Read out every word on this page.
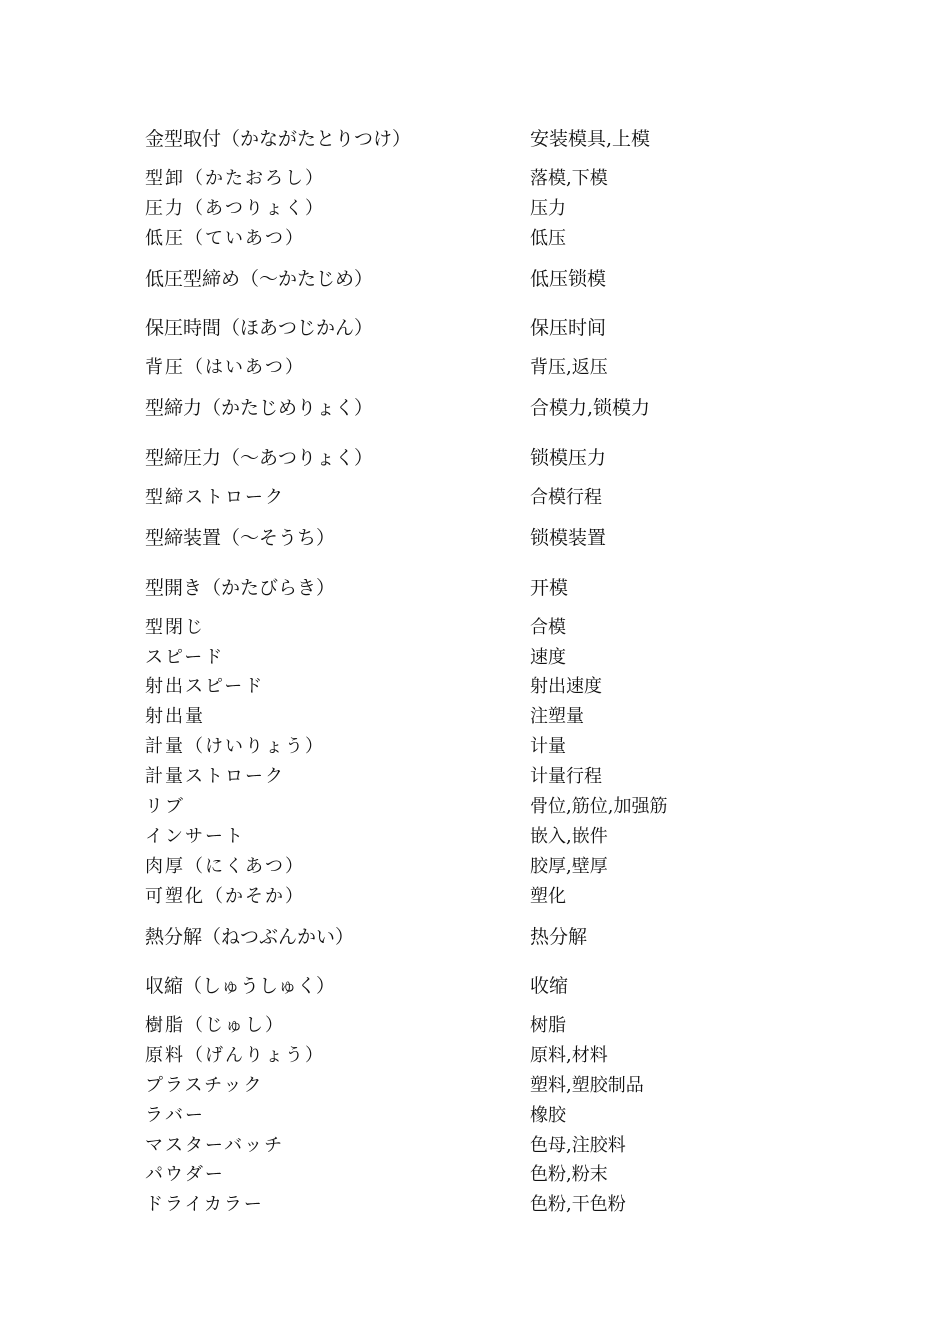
金型取付（かながたとりつけ）	安装模具,上模
型卸（かたおろし）	落模,下模
圧力（あつりょく）	压力
低圧（ていあつ）	低压
低圧型締め（〜かたじめ）	低压锁模
保圧時間（ほあつじかん）	保压时间
背圧（はいあつ）	背压,返压
型締力（かたじめりょく）	合模力,锁模力
型締圧力（〜あつりょく）	锁模压力
型締ストローク	合模行程
型締装置（〜そうち）	锁模装置
型開き（かたびらき）	开模
型閉じ	合模
スピード	速度
射出スピード	射出速度
射出量	注塑量
計量（けいりょう）	计量
計量ストローク	计量行程
リブ	骨位,筋位,加强筋
インサート	嵌入,嵌件
肉厚（にくあつ）	胶厚,壁厚
可塑化（かそか）	塑化
熱分解（ねつぶんかい）	热分解
収縮（しゅうしゅく）	收缩
樹脂（じゅし）	树脂
原料（げんりょう）	原料,材料
プラスチック	塑料,塑胶制品
ラバー	橡胶
マスターバッチ	色母,注胶料
パウダー	色粉,粉末
ドライカラー	色粉,干色粉
